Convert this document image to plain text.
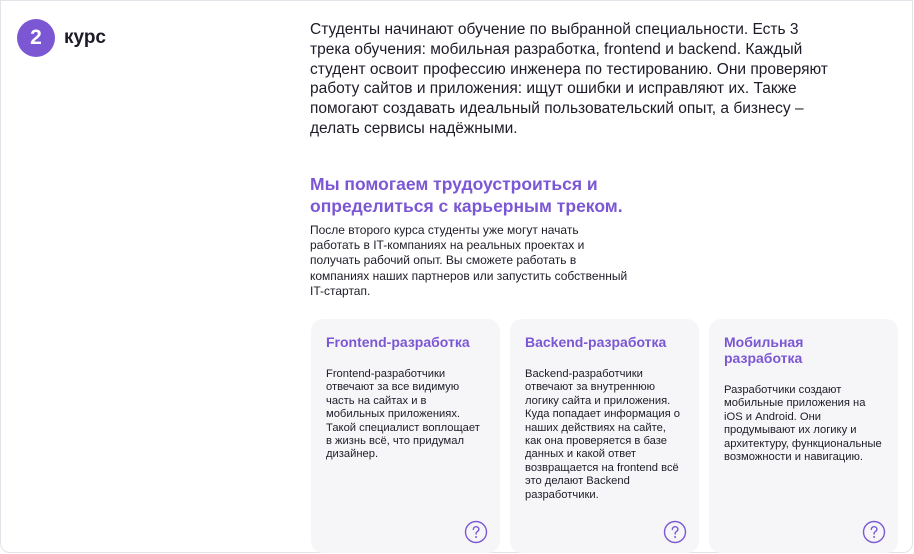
2	курс	Студенты начинают обучение по выбранной специальности. Есть 3 трека обучения: мобильная разработка, frontend и backend. Каждый студент освоит профессию инженера по тестированию. Они проверяют работу сайтов и приложения: ищут ошибки и исправляют их. Также помогают создавать идеальный пользовательский опыт, а бизнесу – делать сервисы надёжными.
Мы помогаем трудоустроиться и определиться с карьерным треком.
После второго курса студенты уже могут начать работать в IT-компаниях на реальных проектах и получать рабочий опыт. Вы сможете работать в компаниях наших партнеров или запустить собственный IT-стартап.
Frontend-разработка
Frontend-разработчики отвечают за все видимую часть на сайтах и в мобильных приложениях. Такой специалист воплощает в жизнь всё, что придумал дизайнер.
Backend-разработка
Backend-разработчики отвечают за внутреннюю логику сайта и приложения. Куда попадает информация о наших действиях на сайте, как она проверяется в базе данных и какой ответ возвращается на frontend всё это делают Backend разработчики.
Мобильная разработка
Разработчики создают мобильные приложения на iOS и Android. Они продумывают их логику и архитектуру, функциональные возможности и навигацию.
